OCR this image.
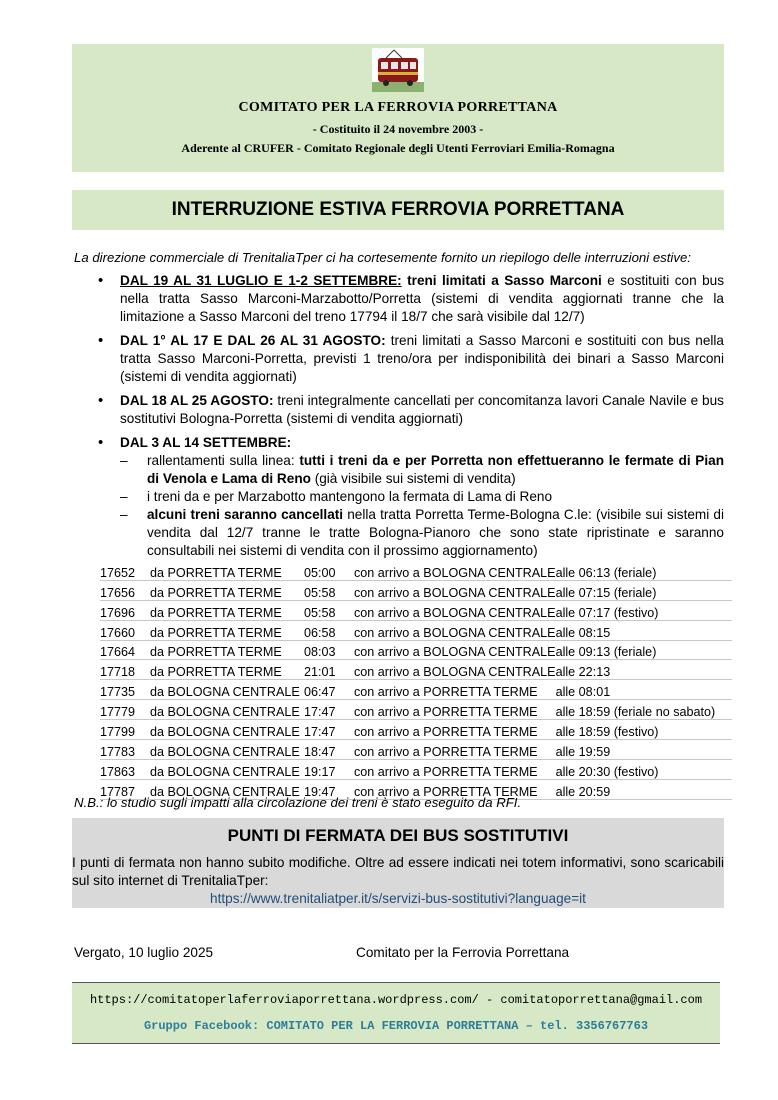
COMITATO PER LA FERROVIA PORRETTANA
- Costituito il 24 novembre 2003 -
Aderente al CRUFER - Comitato Regionale degli Utenti Ferroviari Emilia-Romagna
INTERRUZIONE ESTIVA FERROVIA PORRETTANA
La direzione commerciale di TrenitaliaTper ci ha cortesemente fornito un riepilogo delle interruzioni estive:
• DAL 19 AL 31 LUGLIO E 1-2 SETTEMBRE: treni limitati a Sasso Marconi e sostituiti con bus nella tratta Sasso Marconi-Marzabotto/Porretta (sistemi di vendita aggiornati tranne che la limitazione a Sasso Marconi del treno 17794 il 18/7 che sarà visibile dal 12/7)
• DAL 1° AL 17 E DAL 26 AL 31 AGOSTO: treni limitati a Sasso Marconi e sostituiti con bus nella tratta Sasso Marconi-Porretta, previsti 1 treno/ora per indisponibilità dei binari a Sasso Marconi (sistemi di vendita aggiornati)
• DAL 18 AL 25 AGOSTO: treni integralmente cancellati per concomitanza lavori Canale Navile e bus sostitutivi Bologna-Porretta (sistemi di vendita aggiornati)
• DAL 3 AL 14 SETTEMBRE:
– rallentamenti sulla linea: tutti i treni da e per Porretta non effettueranno le fermate di Pian di Venola e Lama di Reno (già visibile sui sistemi di vendita)
– i treni da e per Marzabotto mantengono la fermata di Lama di Reno
– alcuni treni saranno cancellati nella tratta Porretta Terme-Bologna C.le: (visibile sui sistemi di vendita dal 12/7 tranne le tratte Bologna-Pianoro che sono state ripristinate e saranno consultabili nei sistemi di vendita con il prossimo aggiornamento)
17652	da PORRETTA TERME	05:00	con arrivo a BOLOGNA CENTRALE	alle 06:13 (feriale)
17656	da PORRETTA TERME	05:58	con arrivo a BOLOGNA CENTRALE	alle 07:15 (feriale)
17696	da PORRETTA TERME	05:58	con arrivo a BOLOGNA CENTRALE	alle 07:17 (festivo)
17660	da PORRETTA TERME	06:58	con arrivo a BOLOGNA CENTRALE	alle 08:15
17664	da PORRETTA TERME	08:03	con arrivo a BOLOGNA CENTRALE	alle 09:13 (feriale)
17718	da PORRETTA TERME	21:01	con arrivo a BOLOGNA CENTRALE	alle 22:13
17735	da BOLOGNA CENTRALE	06:47	con arrivo a PORRETTA TERME	alle 08:01
17779	da BOLOGNA CENTRALE	17:47	con arrivo a PORRETTA TERME	alle 18:59 (feriale no sabato)
17799	da BOLOGNA CENTRALE	17:47	con arrivo a PORRETTA TERME	alle 18:59 (festivo)
17783	da BOLOGNA CENTRALE	18:47	con arrivo a PORRETTA TERME	alle 19:59
17863	da BOLOGNA CENTRALE	19:17	con arrivo a PORRETTA TERME	alle 20:30 (festivo)
17787	da BOLOGNA CENTRALE	19:47	con arrivo a PORRETTA TERME	alle 20:59
N.B.: lo studio sugli impatti alla circolazione dei treni è stato eseguito da RFI.
PUNTI DI FERMATA DEI BUS SOSTITUTIVI
I punti di fermata non hanno subito modifiche. Oltre ad essere indicati nei totem informativi, sono scaricabili sul sito internet di TrenitaliaTper:
https://www.trenitaliatper.it/s/servizi-bus-sostitutivi?language=it
Vergato, 10 luglio 2025	Comitato per la Ferrovia Porrettana
https://comitatoperlaferroviaporrettana.wordpress.com/ - comitatoporrettana@gmail.com
Gruppo Facebook: COMITATO PER LA FERROVIA PORRETTANA – tel. 3356767763
